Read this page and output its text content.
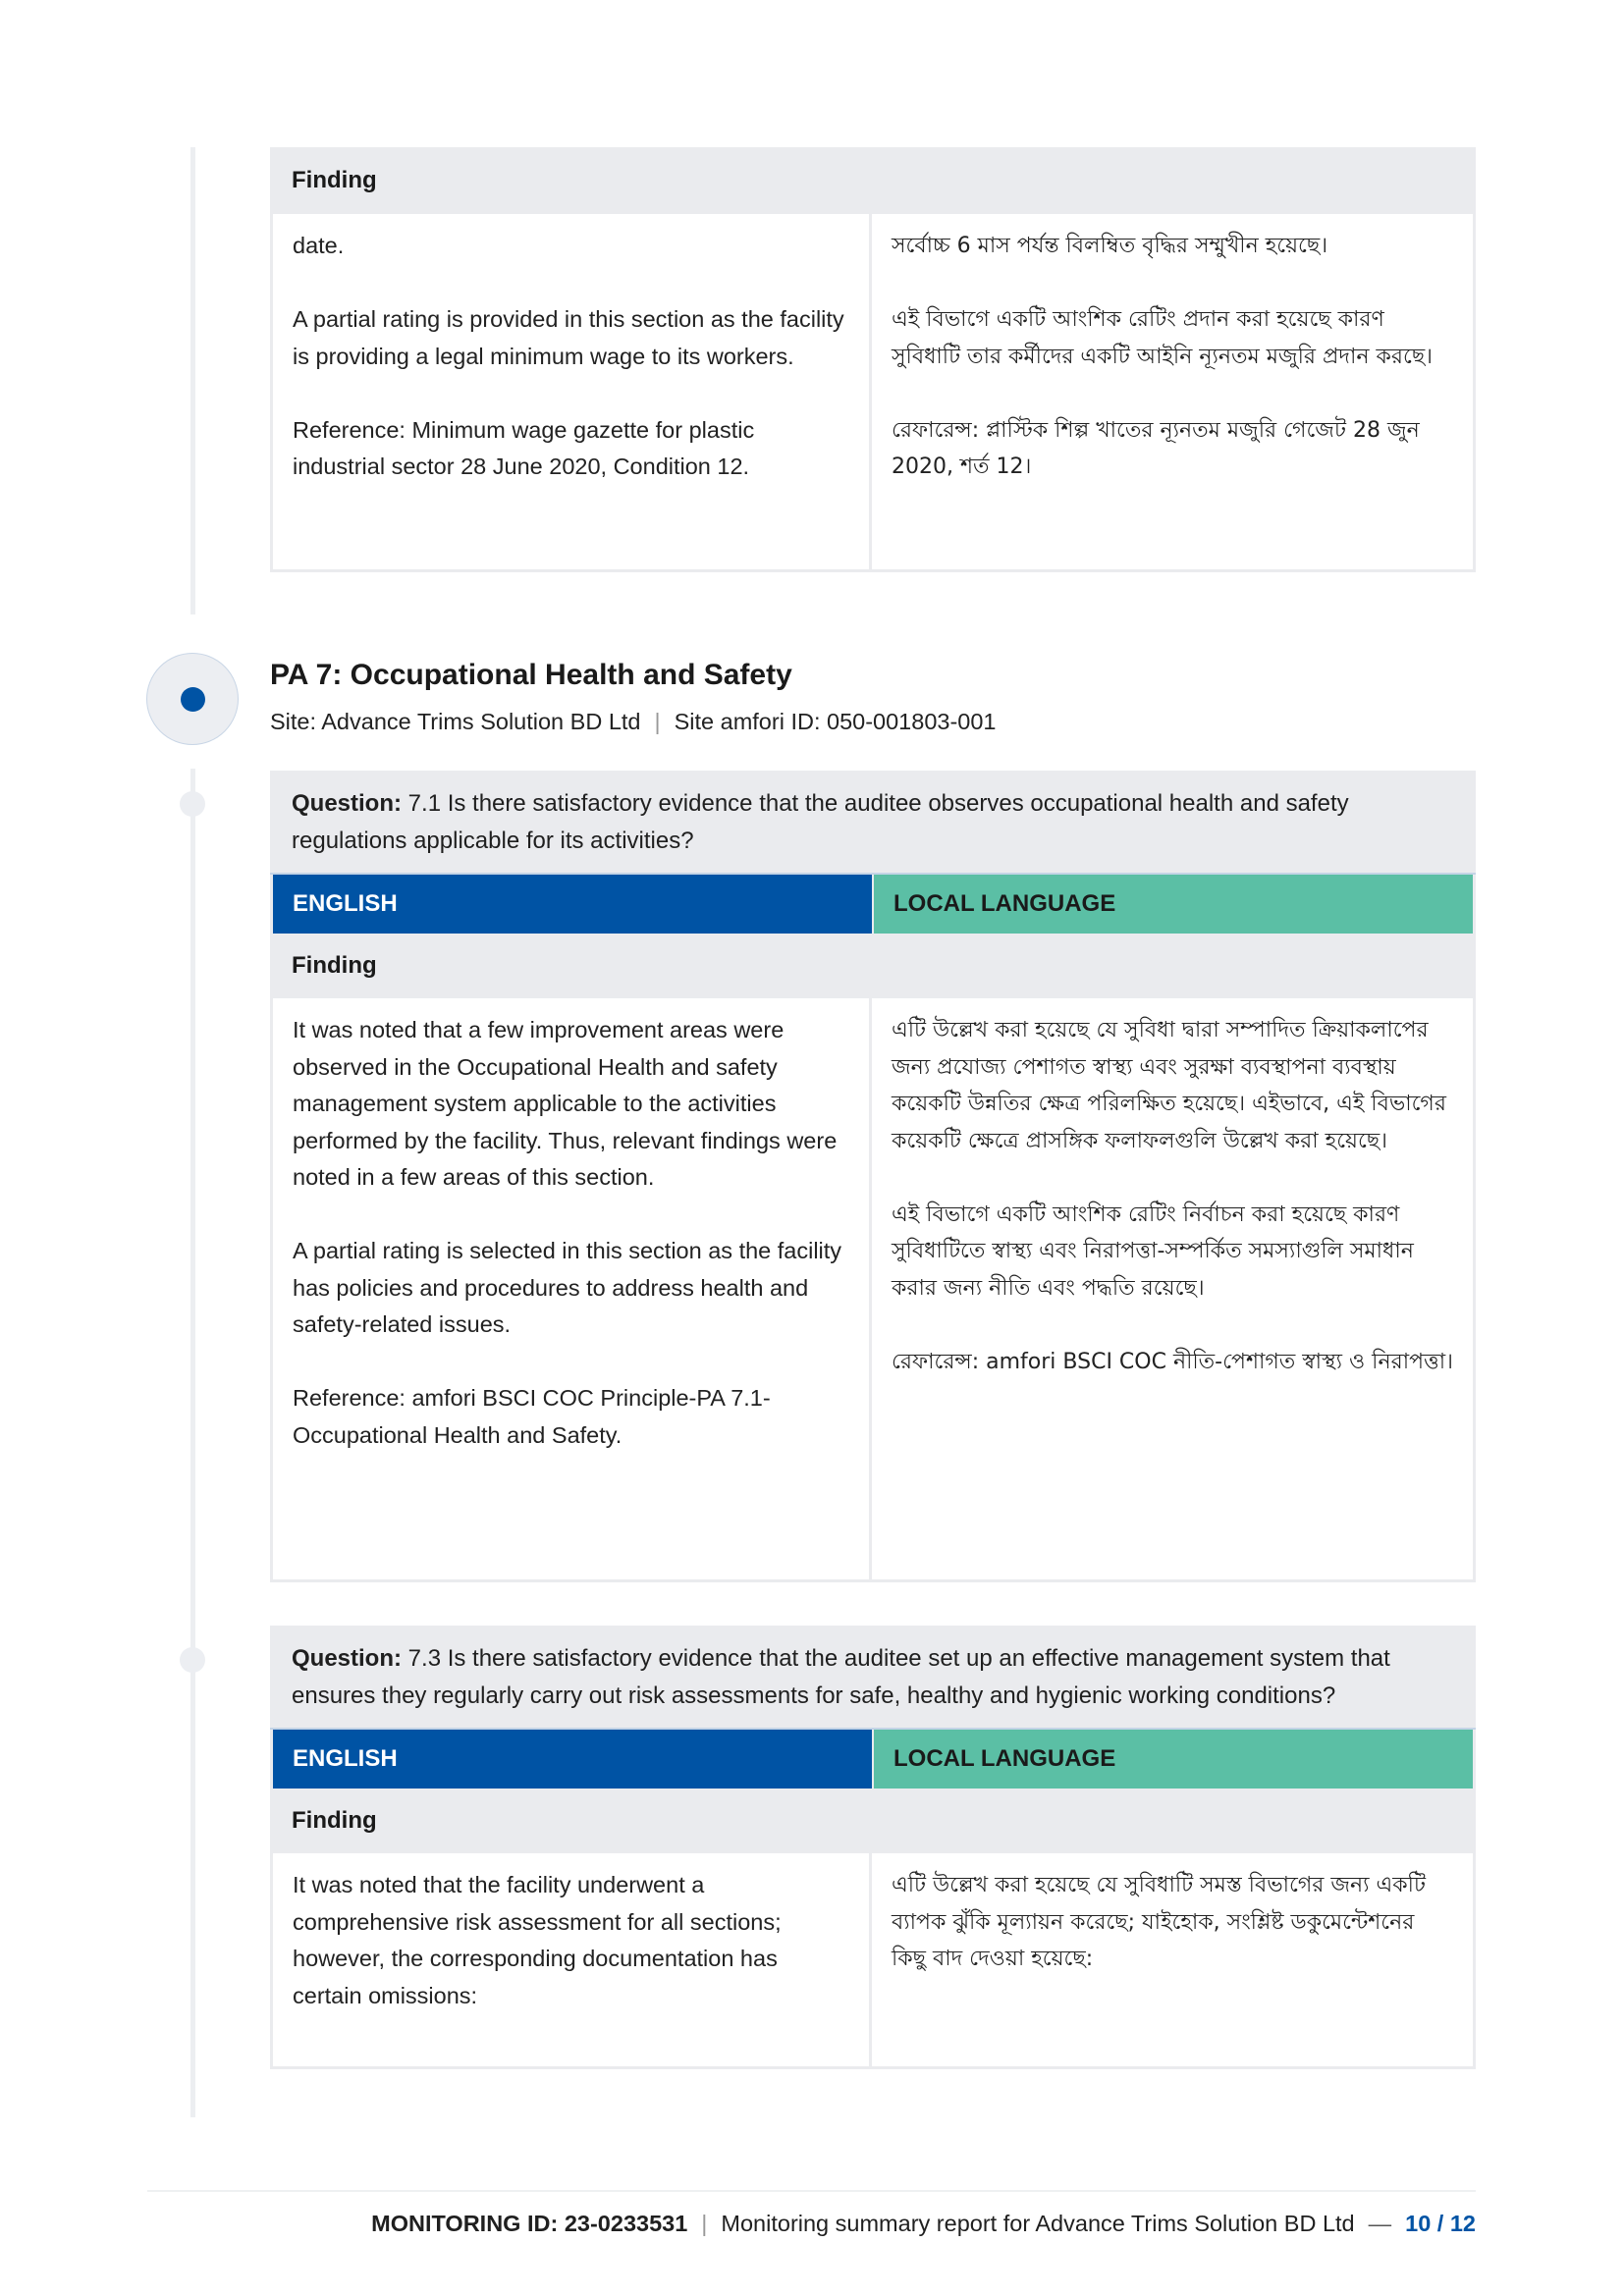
Finding

date.

A partial rating is provided in this section as the facility is providing a legal minimum wage to its workers.

Reference: Minimum wage gazette for plastic industrial sector 28 June 2020, Condition 12.

সর্বোচ্চ 6 মাস পর্যন্ত বিলম্বিত বৃদ্ধির সম্মুখীন হয়েছে।

এই বিভাগে একটি আংশিক রেটিং প্রদান করা হয়েছে কারণ সুবিধাটি তার কর্মীদের একটি আইনি ন্যূনতম মজুরি প্রদান করছে।

রেফারেন্স: প্লাস্টিক শিল্প খাতের ন্যূনতম মজুরি গেজেট 28 জুন 2020, শর্ত 12।

PA 7: Occupational Health and Safety
Site: Advance Trims Solution BD Ltd | Site amfori ID: 050-001803-001
Question: 7.1 Is there satisfactory evidence that the auditee observes occupational health and safety regulations applicable for its activities?
ENGLISH	LOCAL LANGUAGE
Finding

It was noted that a few improvement areas were observed in the Occupational Health and safety management system applicable to the activities performed by the facility. Thus, relevant findings were noted in a few areas of this section.

A partial rating is selected in this section as the facility has policies and procedures to address health and safety-related issues.

Reference: amfori BSCI COC Principle-PA 7.1-Occupational Health and Safety.

এটি উল্লেখ করা হয়েছে যে সুবিধা দ্বারা সম্পাদিত ক্রিয়াকলাপের জন্য প্রযোজ্য পেশাগত স্বাস্থ্য এবং সুরক্ষা ব্যবস্থাপনা ব্যবস্থায় কয়েকটি উন্নতির ক্ষেত্র পরিলক্ষিত হয়েছে। এইভাবে, এই বিভাগের কয়েকটি ক্ষেত্রে প্রাসঙ্গিক ফলাফলগুলি উল্লেখ করা হয়েছে।

এই বিভাগে একটি আংশিক রেটিং নির্বাচন করা হয়েছে কারণ সুবিধাটিতে স্বাস্থ্য এবং নিরাপত্তা-সম্পর্কিত সমস্যাগুলি সমাধান করার জন্য নীতি এবং পদ্ধতি রয়েছে।

রেফারেন্স: amfori BSCI COC নীতি-পেশাগত স্বাস্থ্য ও নিরাপত্তা।

Question: 7.3 Is there satisfactory evidence that the auditee set up an effective management system that ensures they regularly carry out risk assessments for safe, healthy and hygienic working conditions?
ENGLISH	LOCAL LANGUAGE
Finding

It was noted that the facility underwent a comprehensive risk assessment for all sections; however, the corresponding documentation has certain omissions:

এটি উল্লেখ করা হয়েছে যে সুবিধাটি সমস্ত বিভাগের জন্য একটি ব্যাপক ঝুঁকি মূল্যায়ন করেছে; যাইহোক, সংশ্লিষ্ট ডকুমেন্টেশনের কিছু বাদ দেওয়া হয়েছে:

MONITORING ID: 23-0233531 | Monitoring summary report for Advance Trims Solution BD Ltd — 10 / 12
